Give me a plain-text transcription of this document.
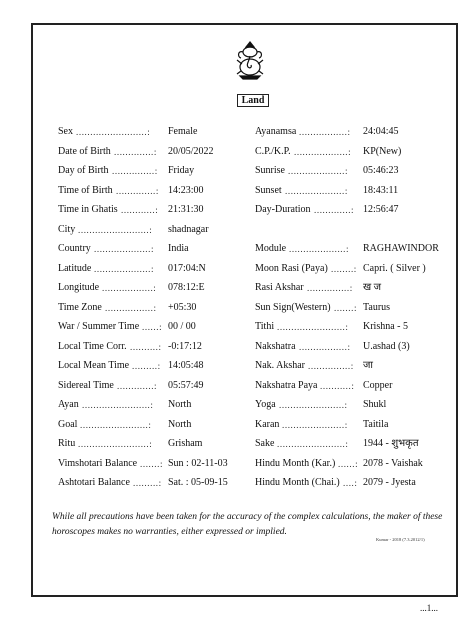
Land
Sex .........................:	Female
Date of Birth ..............:	20/05/2022
Day of Birth ...............:	Friday
Time of Birth ..............: 14:23:00
Time in Ghatis ............: 21:31:30
City .........................:	shadnagar
Country ....................:	India
Latitude ....................:	017:04:N
Longitude ..................:	078:12:E
Time Zone .................:	+05:30
War / Summer Time ......: 00 / 00
Local Time Corr. ..........: -0:17:12
Local Mean Time .........: 14:05:48
Sidereal Time .............:	05:57:49
Ayan ........................:	North
Goal ........................:	North
Ritu .........................:	Grisham
Vimshotari Balance .......: Sun : 02-11-03
Ashtotari Balance .........: Sat. : 05-09-15
Ayanamsa .................:	24:04:45
C.P./K.P. ...................:	KP(New)
Sunrise ....................:	05:46:23
Sunset .....................:	18:43:11
Day-Duration .............: 12:56:47
Module ....................:	RAGHAWINDOR
Moon Rasi (Paya) ........: Capri. ( Silver )
Rasi Akshar ...............:	ख ज
Sun Sign(Western) .......: Taurus
Tithi ........................:	Krishna - 5
Nakshatra .................:	U.ashad (3)
Nak. Akshar ...............: जा
Nakshatra Paya ...........: Copper
Yoga .......................:	Shukl
Karan ......................:	Taitila
Sake ........................:	1944 - शुभकृत
Hindu Month (Kar.) ......: 2078 - Vaishak
Hindu Month (Chai.) ....: 2079 - Jyesta
While all precautions have been taken for the accuracy of the complex calculations, the maker of these horoscopes makes no warranties, either expressed or implied.
Kumar - 2018 (7.3.2012/1)
...1...
